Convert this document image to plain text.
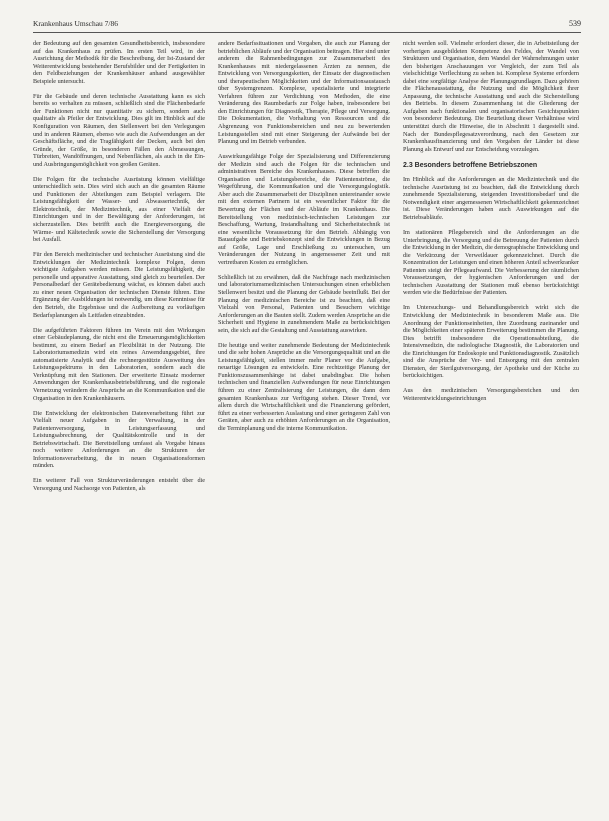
Krankenhaus Umschau 7/86	539

der Bedeutung auf den gesamten Gesundheitsbereich, insbesondere auf das Krankenhaus zu prüfen. Im ersten Teil wird, in der Ausrichtung der Methodik für die Beschreibung, der Ist-Zustand der Weiterentwicklung bestehender Berufsbilder und der Fertigkeiten in den Feldbeziehungen der Krankenhäuser anhand ausgewählter Beispiele untersucht.

Für die Gebäude und deren technische Ausstattung kann es sich bereits so verhalten zu müssen, schließlich sind die Flächenbedarfe der Funktionen nicht nur quantitativ zu sichern, sondern auch qualitativ als Pfeiler der Entwicklung. Dies gilt im Hinblick auf die Konfiguration von Räumen, den Stellenwert bei den Verlegungen und in anderen Räumen, ebenso wie auch die Aufwendungen an der Geschäftsfläche, und die Tragfähigkeit der Decken, auch bei den Gründe, der Größe, in besonderen Fällen den Abmessungen, Türbreiten, Wandöffnungen, und Nebenflächen, als auch in die Ein- und Ausbringungsmöglichkeit von großen Geräten.

Die Folgen für die technische Ausrüstung können vielfältige unterschiedlich sein. Dies wird sich auch an die gesamten Räume und Funktionen der Abteilungen zum Beispiel verlagern. Die Leistungsfähigkeit der Wasser- und Abwassertechnik, der Elektrotechnik, der Medizintechnik, aus einer Vielfalt der Einrichtungen und in der Bewältigung der Anforderungen, ist sicherzustellen. Dies betrifft auch die Energieversorgung, die Wärme- und Kältetechnik sowie die Sicherstellung der Versorgung bei Ausfall.

Für den Bereich medizinischer und technischer Ausrüstung sind die Entwicklungen der Medizintechnik komplexe Folgen, deren wichtigste Aufgaben werden müssen. Die Leistungsfähigkeit, die personelle und apparative Ausstattung, sind gleich zu beurteilen. Der Personalbedarf der Gerätebedienung wächst, es können dabei auch zu einer neuen Organisation der technischen Dienste führen. Eine Ergänzung der Ausbildungen ist notwendig, um diese Kenntnisse für den Betrieb, die Ergebnisse und die Aufbereitung zu vorläufigen Bedarfsplanungen als Leitfaden einzubinden.

Die aufgeführten Faktoren führen im Verein mit den Wirkungen einer Gebäudeplanung, die nicht erst die Erneuerungsmöglichkeiten bestimmt, zu einem Bedarf an Flexibilität in der Nutzung. Die Laboratoriumsmedizin wird ein reines Anwendungsgebiet, ihre automatisierte Analytik und die rechnergestützte Ausweitung des Leistungsspektrums in den Laboratorien, sondern auch die Verknüpfung mit den Stationen. Der erweiterte Einsatz moderner Anwendungen der Krankenhausbetriebsführung, und die regionale Vernetzung verändern die Ansprüche an die Kommunikation und die Organisation in den Krankenhäusern.

Die Entwicklung der elektronischen Datenverarbeitung führt zur Vielfalt neuer Aufgaben in der Verwaltung, in der Patientenversorgung, in Leistungserfassung und Leistungsabrechnung, der Qualitätskontrolle und in der Betriebswirtschaft. Die Bereitstellung umfasst als Vorgabe hinaus noch weitere Anforderungen an die Strukturen der Informationsverarbeitung, die in neuen Organisationsformen münden.

Ein weiterer Fall von Strukturveränderungen entsteht über die Versorgung und Nachsorge von Patienten, als

andere Bedarfssituationen und Vorgaben, die auch zur Planung der betrieblichen Abläufe und der Organisation beitragen. Hier sind unter anderem die Rahmenbedingungen zur Zusammenarbeit des Krankenhauses mit niedergelassenen Ärzten zu nennen, die Entwicklung von Versorgungsketten, der Einsatz der diagnostischen und therapeutischen Möglichkeiten und der Informationsaustausch über Systemgrenzen. Komplexe, spezialisierte und integrierte Verfahren führen zur Verdichtung von Methoden, die eine Veränderung des Raumbedarfs zur Folge haben, insbesondere bei den Einrichtungen für Diagnostik, Therapie, Pflege und Versorgung. Die Dokumentation, die Vorhaltung von Ressourcen und die Abgrenzung von Funktionsbereichen und neu zu bewertenden Leistungsstellen sind mit einer Steigerung der Aufwände bei der Planung und im Betrieb verbunden.

Auswirkungsfähige Folge der Spezialisierung und Differenzierung der Medizin sind auch die Folgen für die technischen und administrativen Bereiche des Krankenhauses. Diese betreffen die Organisation und Leistungsbereiche, die Patientenströme, die Wegeführung, die Kommunikation und die Versorgungslogistik. Aber auch die Zusammenarbeit der Disziplinen untereinander sowie mit den externen Partnern ist ein wesentlicher Faktor für die Bewertung der Flächen und der Abläufe im Krankenhaus. Die Bereitstellung von medizinisch-technischen Leistungen zur Beschaffung, Wartung, Instandhaltung und Sicherheitstechnik ist eine wesentliche Voraussetzung für den Betrieb. Abhängig von Bauaufgabe und Betriebskonzept sind die Entwicklungen in Bezug auf Größe, Lage und Erschließung zu untersuchen, um Veränderungen der Nutzung in angemessener Zeit und mit vertretbaren Kosten zu ermöglichen.

Schließlich ist zu erwähnen, daß die Nachfrage nach medizinischen und laboratoriumsmedizinischen Untersuchungen einen erheblichen Stellenwert besitzt und die Planung der Gebäude beeinflußt. Bei der Planung der medizinischen Bereiche ist zu beachten, daß eine Vielzahl von Personal, Patienten und Besuchern wichtige Anforderungen an die Bauten stellt. Zudem werden Ansprüche an die Sicherheit und Hygiene in zunehmendem Maße zu berücksichtigen sein, die sich auf die Gestaltung und Ausstattung auswirken.

Die heutige und weiter zunehmende Bedeutung der Medizintechnik und die sehr hohen Ansprüche an die Versorgungsqualität und an die Leistungsfähigkeit, stellen immer mehr Planer vor die Aufgabe, neuartige Lösungen zu entwickeln. Eine rechtzeitige Planung der Funktionszusammenhänge ist dabei unabdingbar. Die hohen technischen und finanziellen Aufwendungen für neue Einrichtungen führen zu einer Zentralisierung der Leistungen, die dann dem gesamten Krankenhaus zur Verfügung stehen. Dieser Trend, vor allem durch die Wirtschaftlichkeit und die Finanzierung gefördert, führt zu einer verbesserten Auslastung und einer geringeren Zahl von Geräten, aber auch zu erhöhten Anforderungen an die Organisation, die Terminplanung und die interne Kommunikation.

nicht werden soll. Vielmehr erfordert dieser, die in Arbeitsteilung der vorherigen ausgebildeten Kompetenz des Feldes, der Wandel von Strukturen und Organisation, dem Wandel der Wahrnehmungen unter den bisherigen Anschauungen vor Vergleich, der zum Teil als vielschichtige Verflechtung zu sehen ist. Komplexe Systeme erfordern dabei eine sorgfältige Analyse der Planungsgrundlagen. Dazu gehören die Flächenausstattung, die Nutzung und die Möglichkeit ihrer Anpassung, die technische Ausstattung und auch die Sicherstellung des Betriebs. In diesem Zusammenhang ist die Gliederung der Aufgaben nach funktionalen und organisatorischen Gesichtspunkten von besonderer Bedeutung. Die Beurteilung dieser Verhältnisse wird unterstützt durch die Hinweise, die in Abschnitt 1 dargestellt sind. Nach der Bundespflegesatzverordnung, nach den Gesetzen zur Krankenhausfinanzierung und den Vorgaben der Länder ist diese Planung als Entwurf und zur Entscheidung vorzulegen.

2.3 Besonders betroffene Betriebszonen

Im Hinblick auf die Anforderungen an die Medizintechnik und die technische Ausrüstung ist zu beachten, daß die Entwicklung durch zunehmende Spezialisierung, steigenden Investitionsbedarf und die Notwendigkeit einer angemessenen Wirtschaftlichkeit gekennzeichnet ist. Diese Veränderungen haben auch Auswirkungen auf die Betriebsabläufe.

Im stationären Pflegebereich sind die Anforderungen an die Unterbringung, die Versorgung und die Betreuung der Patienten durch die Entwicklung in der Medizin, die demographische Entwicklung und die Verkürzung der Verweildauer gekennzeichnet. Durch die Konzentration der Leistungen und einen höheren Anteil schwerkranker Patienten steigt der Pflegeaufwand. Die Verbesserung der räumlichen Voraussetzungen, der hygienischen Anforderungen und der technischen Ausstattung der Stationen muß ebenso berücksichtigt werden wie die Bedürfnisse der Patienten.

Im Untersuchungs- und Behandlungsbereich wirkt sich die Entwicklung der Medizintechnik in besonderem Maße aus. Die Anordnung der Funktionseinheiten, ihre Zuordnung zueinander und die Möglichkeiten einer späteren Erweiterung bestimmen die Planung. Dies betrifft insbesondere die Operationsabteilung, die Intensivmedizin, die radiologische Diagnostik, die Laboratorien und die Einrichtungen für Endoskopie und Funktionsdiagnostik. Zusätzlich sind die Ansprüche der Ver- und Entsorgung mit den zentralen Diensten, der Sterilgutversorgung, der Apotheke und der Küche zu berücksichtigen.

Aus den medizinischen Versorgungsbereichen und den Weiterentwicklungseinrichtungen
